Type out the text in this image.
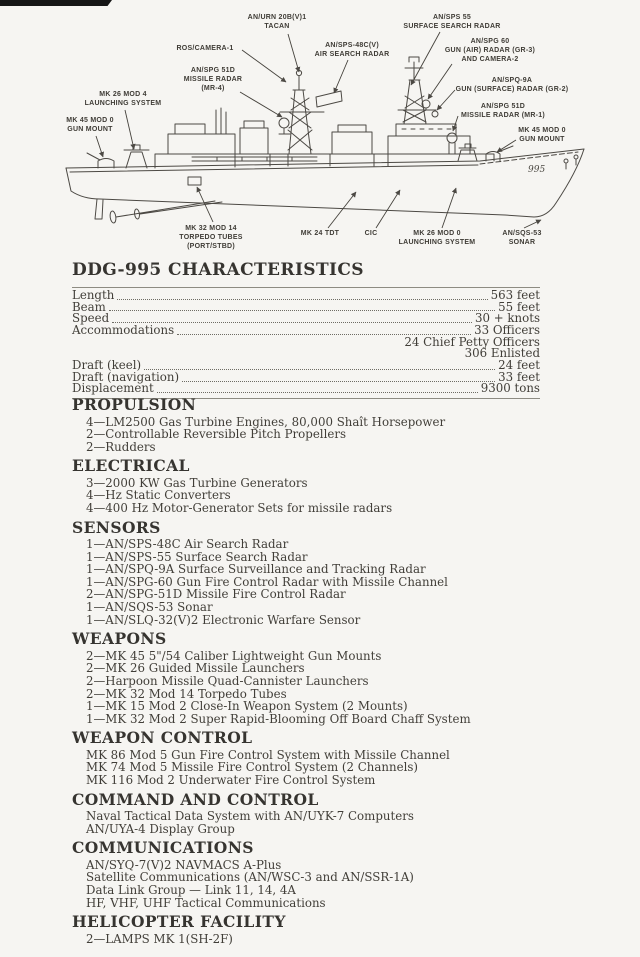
AN/URN 20B(V)1
TACAN
ROS/CAMERA-1	AN/SPS-48C(V)
AIR SEARCH RADAR
AN/SPS 55
SURFACE SEARCH RADAR
AN/SPG 60
GUN (AIR) RADAR (GR-3)
AND CAMERA-2
AN/SPQ-9A
GUN (SURFACE) RADAR (GR-2)
AN/SPG 51D
MISSILE RADAR (MR-1)
AN/SPG 51D
MISSILE RADAR
(MR-4)
MK 26 MOD 4
LAUNCHING SYSTEM
MK 45 MOD 0
GUN MOUNT	MK 45 MOD 0
GUN MOUNT
MK 32 MOD 14
TORPEDO TUBES
(PORT/STBD)
MK 24 TDT	CIC	MK 26 MOD 0
LAUNCHING SYSTEM
AN/SQS-53
SONAR
995
DDG-995 CHARACTERISTICS
Length	563 feet
Beam	55 feet
Speed	30 + knots
Accommodations	33 Officers
24 Chief Petty Officers
306 Enlisted
Draft (keel)	24 feet
Draft (navigation)	33 feet
Displacement	9300 tons
PROPULSION

4—LM2500 Gas Turbine Engines, 80,000 Shaît Horsepower

2—Controllable Reversible Pitch Propellers

2—Rudders

ELECTRICAL

3—2000 KW Gas Turbine Generators

4—Hz Static Converters

4—400 Hz Motor-Generator Sets for missile radars

SENSORS

1—AN/SPS-48C Air Search Radar

1—AN/SPS-55 Surface Search Radar

1—AN/SPQ-9A Surface Surveillance and Tracking Radar

1—AN/SPG-60 Gun Fire Control Radar with Missile Channel

2—AN/SPG-51D Missile Fire Control Radar

1—AN/SQS-53 Sonar

1—AN/SLQ-32(V)2 Electronic Warfare Sensor

WEAPONS

2—MK 45 5"/54 Caliber Lightweight Gun Mounts

2—MK 26 Guided Missile Launchers

2—Harpoon Missile Quad-Cannister Launchers

2—MK 32 Mod 14 Torpedo Tubes

1—MK 15 Mod 2 Close-In Weapon System (2 Mounts)

1—MK 32 Mod 2 Super Rapid-Blooming Off Board Chaff System

WEAPON CONTROL

MK 86 Mod 5 Gun Fire Control System with Missile Channel

MK 74 Mod 5 Missile Fire Control System (2 Channels)

MK 116 Mod 2 Underwater Fire Control System

COMMAND AND CONTROL

Naval Tactical Data System with AN/UYK-7 Computers

AN/UYA-4 Display Group

COMMUNICATIONS

AN/SYQ-7(V)2 NAVMACS A-Plus

Satellite Communications (AN/WSC-3 and AN/SSR-1A)

Data Link Group — Link 11, 14, 4A

HF, VHF, UHF Tactical Communications

HELICOPTER FACILITY

2—LAMPS MK 1(SH-2F)
